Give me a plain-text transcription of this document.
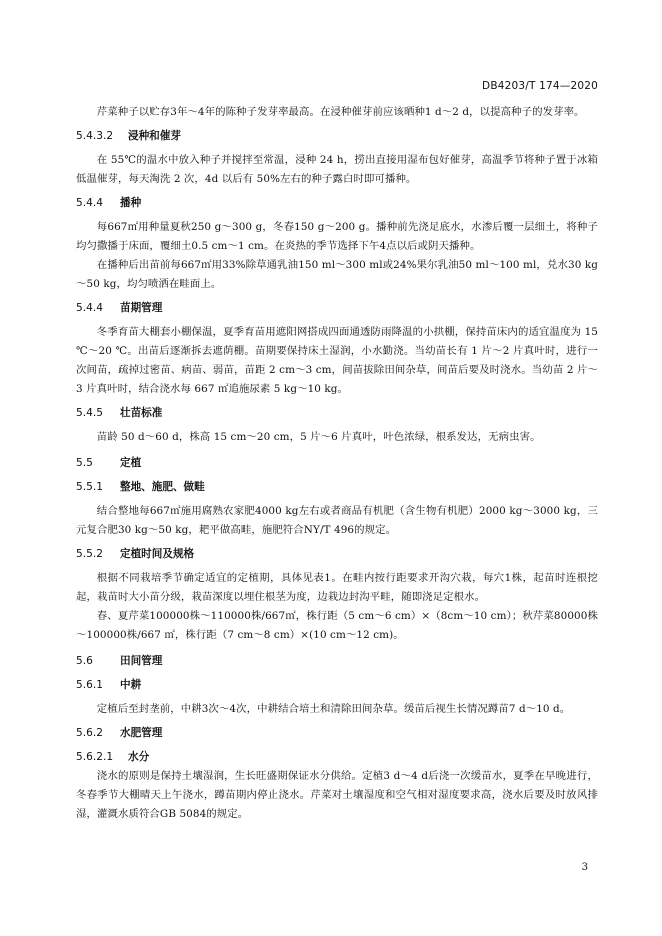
DB4203/T 174—2020

芹菜种子以贮存3年～4年的陈种子发芽率最高。在浸种催芽前应该晒种1 d～2 d，以提高种子的发芽率。

5.4.3.2 浸种和催芽

在 55℃的温水中放入种子并搅拌至常温，浸种 24 h，捞出直接用湿布包好催芽，高温季节将种子置于冰箱低温催芽，每天淘洗 2 次，4d 以后有 50%左右的种子露白时即可播种。

5.4.4 播种

每667㎡用种量夏秋250 g～300 g，冬春150 g～200 g。播种前先浇足底水，水渗后覆一层细土，将种子均匀撒播于床面，覆细土0.5 cm～1 cm。在炎热的季节选择下午4点以后或阴天播种。

在播种后出苗前每667㎡用33%除草通乳油150 ml～300 ml或24%果尔乳油50 ml～100 ml，兑水30 kg～50 kg，均匀喷洒在畦面上。

5.4.4 苗期管理

冬季育苗大棚套小棚保温，夏季育苗用遮阳网搭成四面通透防雨降温的小拱棚，保持苗床内的适宜温度为 15 ℃～20 ℃。出苗后逐渐拆去遮荫棚。苗期要保持床土湿润，小水勤浇。当幼苗长有 1 片～2 片真叶时，进行一次间苗，疏掉过密苗、病苗、弱苗，苗距 2 cm～3 cm，间苗拔除田间杂草，间苗后要及时浇水。当幼苗 2 片～3 片真叶时，结合浇水每 667 ㎡追施尿素 5 kg～10 kg。

5.4.5 壮苗标准

苗龄 50 d～60 d，株高 15 cm～20 cm，5 片～6 片真叶，叶色浓绿，根系发达，无病虫害。

5.5	定植
5.5.1 整地、施肥、做畦

结合整地每667㎡施用腐熟农家肥4000 kg左右或者商品有机肥（含生物有机肥）2000 kg～3000 kg，三元复合肥30 kg～50 kg，耙平做高畦，施肥符合NY/T 496的规定。

5.5.2 定植时间及规格

根据不同栽培季节确定适宜的定植期，具体见表1。在畦内按行距要求开沟穴栽，每穴1株，起苗时连根挖起，栽苗时大小苗分级，栽苗深度以埋住根茎为度，边栽边封沟平畦，随即浇足定根水。

春、夏芹菜100000株～110000株/667㎡，株行距（5 cm～6 cm）×（8cm～10 cm）；秋芹菜80000株～100000株/667 ㎡，株行距（7 cm～8 cm）×(10 cm～12 cm)。

5.6	田间管理
5.6.1 中耕

定植后至封垄前，中耕3次～4次，中耕结合培土和清除田间杂草。缓苗后视生长情况蹲苗7 d～10 d。

5.6.2 水肥管理
5.6.2.1 水分

浇水的原则是保持土壤湿润，生长旺盛期保证水分供给。定植3 d～4 d后浇一次缓苗水，夏季在早晚进行，冬春季节大棚晴天上午浇水，蹲苗期内停止浇水。芹菜对土壤湿度和空气相对湿度要求高，浇水后要及时放风排湿，灌溉水质符合GB 5084的规定。

3
